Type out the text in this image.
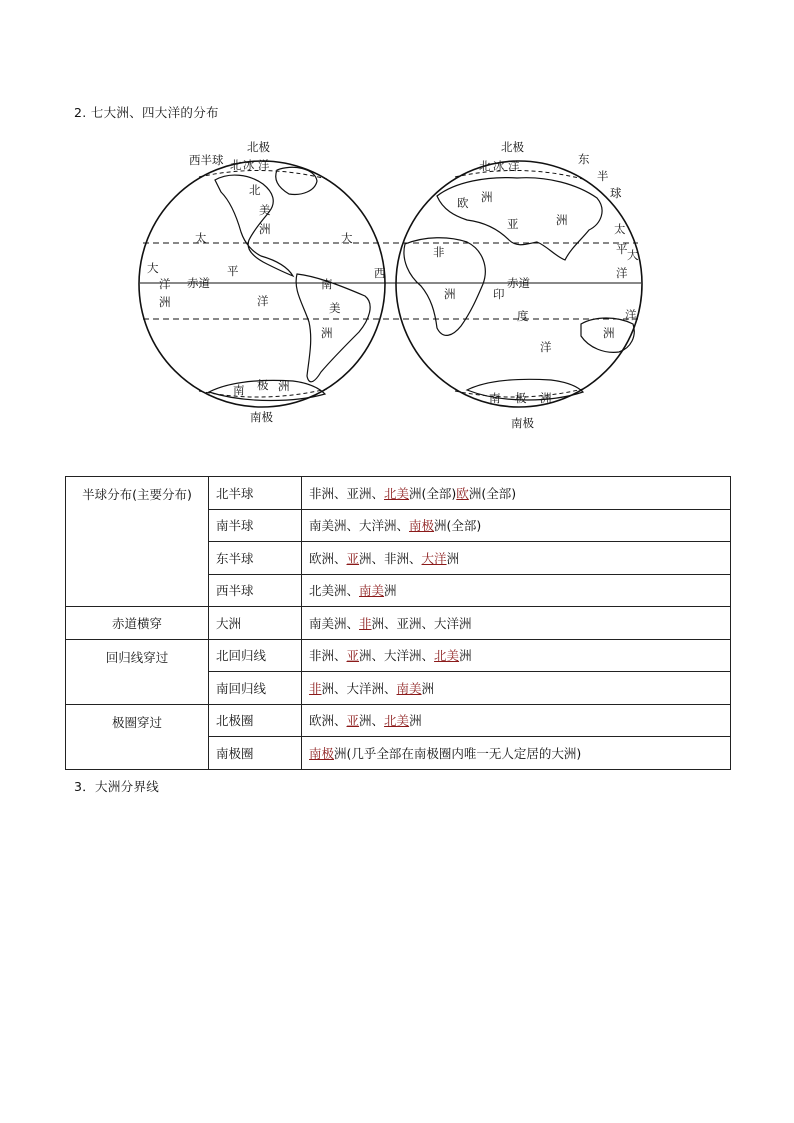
2. 七大洲、四大洋的分布
西半球
北极
北 冰 洋
北
美
洲
太	大
大
赤道
平
洋
西
洲	洋
南
美
洲
南 极 洲
南极
北极
北 冰 洋	东
半
球
欧 洲
亚	洲
太
平
洋
非
洲
赤道
印
度
洋
大
洋
洲
南 极 洲
南极
半球分布(主要分布)	北半球	非洲、亚洲、北美洲(全部)欧洲(全部)
	南半球	南美洲、大洋洲、南极洲(全部)
	东半球	欧洲、亚洲、非洲、大洋洲
	西半球	北美洲、南美洲
赤道横穿	大洲	南美洲、非洲、亚洲、大洋洲
回归线穿过	北回归线	非洲、亚洲、大洋洲、北美洲
	南回归线	非洲、大洋洲、南美洲
极圈穿过	北极圈	欧洲、亚洲、北美洲
	南极圈	南极洲(几乎全部在南极圈内唯一无人定居的大洲)
3．大洲分界线
